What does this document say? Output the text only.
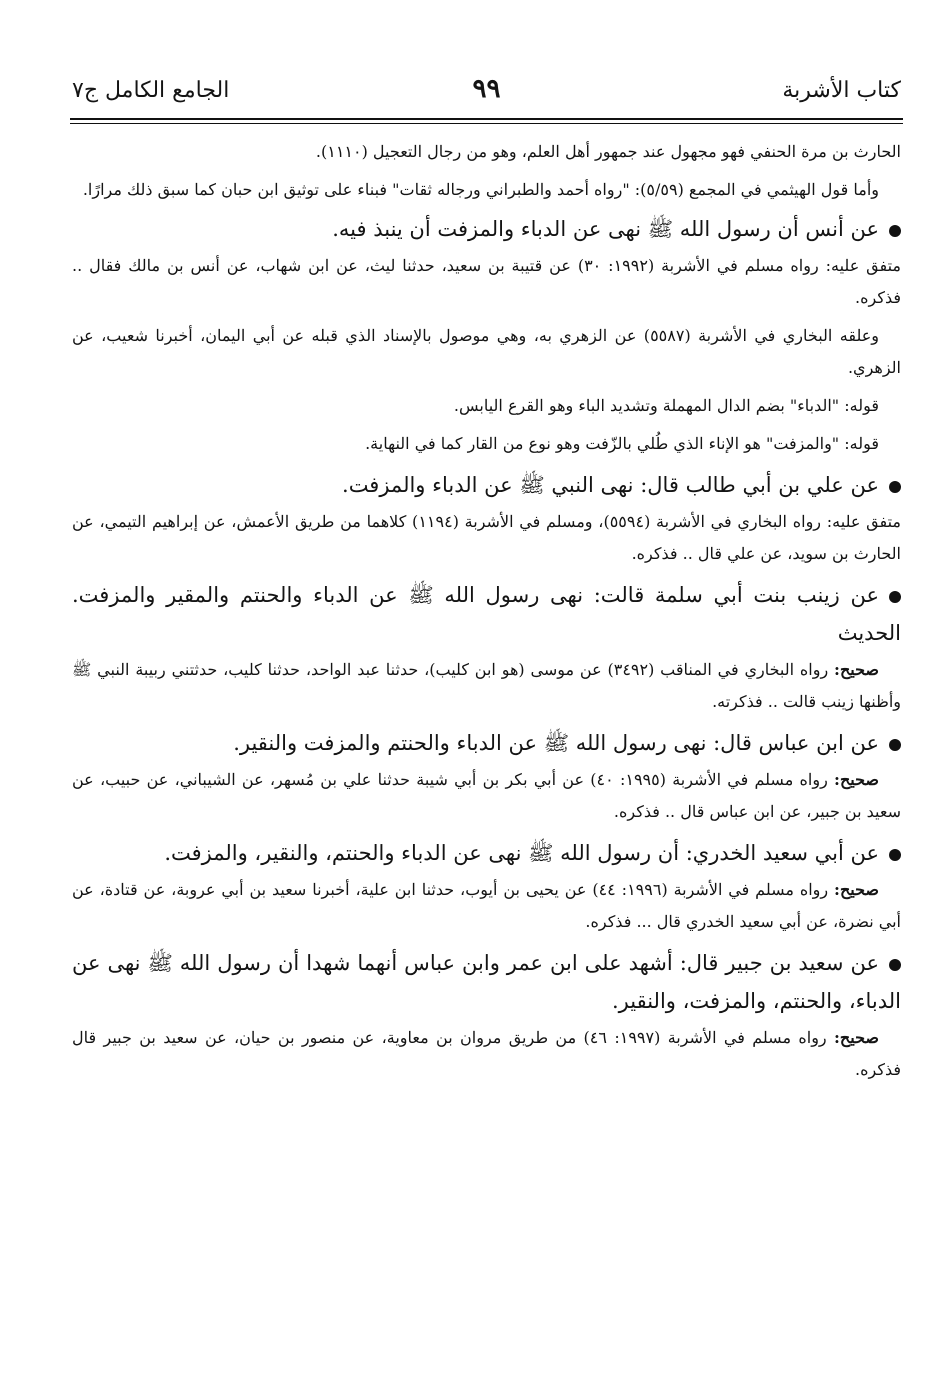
كتاب الأشربة
٩٩
الجامع الكامل ج٧

الحارث بن مرة الحنفي فهو مجهول عند جمهور أهل العلم، وهو من رجال التعجيل (١١١٠).

وأما قول الهيثمي في المجمع (٥/٥٩): "رواه أحمد والطبراني ورجاله ثقات" فبناء على توثيق ابن حبان كما سبق ذلك مرارًا.

عن أنس أن رسول الله ﷺ نهى عن الدباء والمزفت أن ينبذ فيه.

متفق عليه: رواه مسلم في الأشربة (١٩٩٢: ٣٠) عن قتيبة بن سعيد، حدثنا ليث، عن ابن شهاب، عن أنس بن مالك فقال .. فذكره.

وعلقه البخاري في الأشربة (٥٥٨٧) عن الزهري به، وهي موصول بالإسناد الذي قبله عن أبي اليمان، أخبرنا شعيب، عن الزهري.

قوله: "الدباء" بضم الدال المهملة وتشديد الباء وهو القرع اليابس.

قوله: "والمزفت" هو الإناء الذي طُلي بالزّفت وهو نوع من القار كما في النهاية.

عن علي بن أبي طالب قال: نهى النبي ﷺ عن الدباء والمزفت.

متفق عليه: رواه البخاري في الأشربة (٥٥٩٤)، ومسلم في الأشربة (١١٩٤) كلاهما من طريق الأعمش، عن إبراهيم التيمي، عن الحارث بن سويد، عن علي قال .. فذكره.

عن زينب بنت أبي سلمة قالت: نهى رسول الله ﷺ عن الدباء والحنتم والمقير والمزفت. الحديث

صحيح: رواه البخاري في المناقب (٣٤٩٢) عن موسى (هو ابن كليب)، حدثنا عبد الواحد، حدثنا كليب، حدثتني ربيبة النبي ﷺ وأظنها زينب قالت .. فذكرته.

عن ابن عباس قال: نهى رسول الله ﷺ عن الدباء والحنتم والمزفت والنقير.

صحيح: رواه مسلم في الأشربة (١٩٩٥: ٤٠) عن أبي بكر بن أبي شيبة حدثنا علي بن مُسهر، عن الشيباني، عن حبيب، عن سعيد بن جبير، عن ابن عباس قال .. فذكره.

عن أبي سعيد الخدري: أن رسول الله ﷺ نهى عن الدباء والحنتم، والنقير، والمزفت.

صحيح: رواه مسلم في الأشربة (١٩٩٦: ٤٤) عن يحيى بن أيوب، حدثنا ابن علية، أخبرنا سعيد بن أبي عروبة، عن قتادة، عن أبي نضرة، عن أبي سعيد الخدري قال ... فذكره.

عن سعيد بن جبير قال: أشهد على ابن عمر وابن عباس أنهما شهدا أن رسول الله ﷺ نهى عن الدباء، والحنتم، والمزفت، والنقير.

صحيح: رواه مسلم في الأشربة (١٩٩٧: ٤٦) من طريق مروان بن معاوية، عن منصور بن حيان، عن سعيد بن جبير قال فذكره.
